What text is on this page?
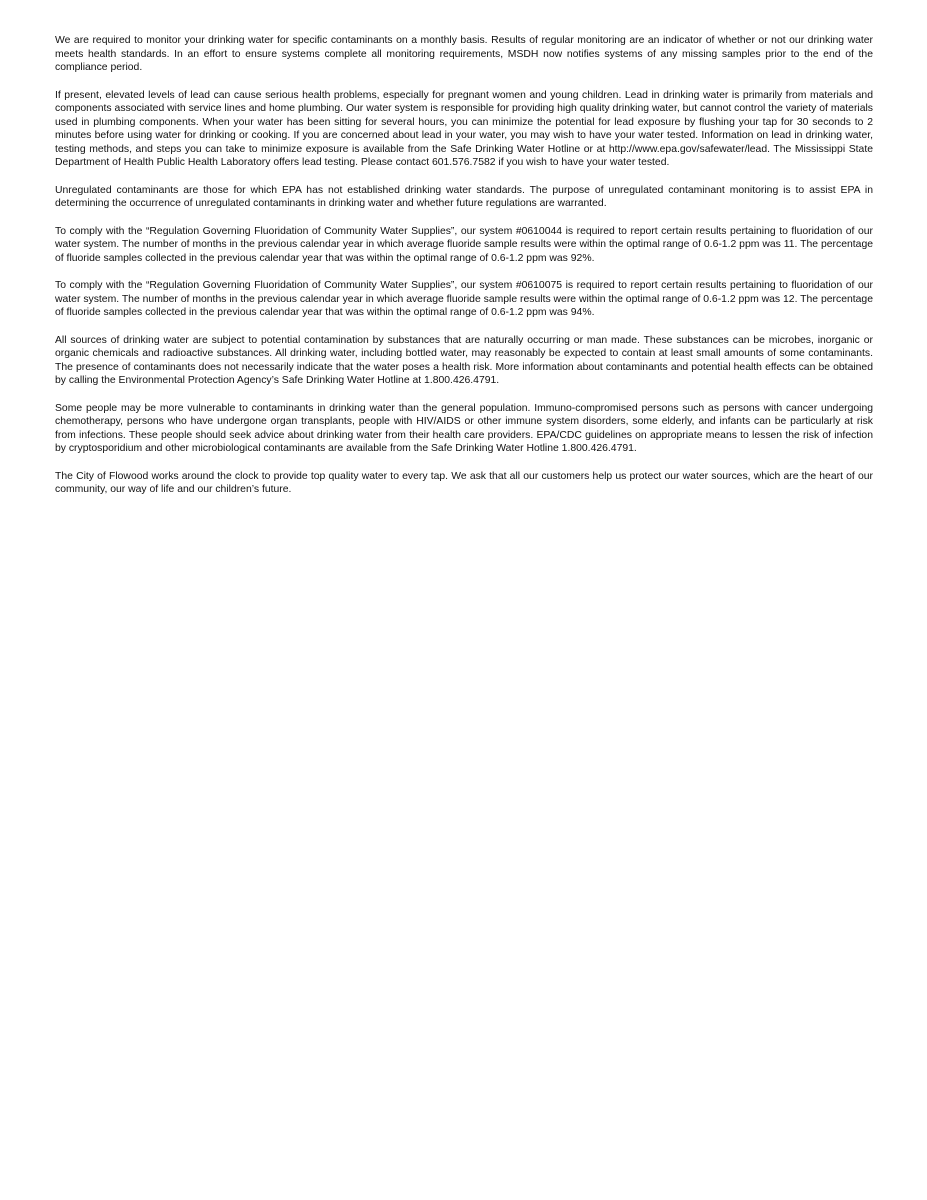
We are required to monitor your drinking water for specific contaminants on a monthly basis. Results of regular monitoring are an indicator of whether or not our drinking water meets health standards. In an effort to ensure systems complete all monitoring requirements, MSDH now notifies systems of any missing samples prior to the end of the compliance period.

If present, elevated levels of lead can cause serious health problems, especially for pregnant women and young children. Lead in drinking water is primarily from materials and components associated with service lines and home plumbing. Our water system is responsible for providing high quality drinking water, but cannot control the variety of materials used in plumbing components. When your water has been sitting for several hours, you can minimize the potential for lead exposure by flushing your tap for 30 seconds to 2 minutes before using water for drinking or cooking. If you are concerned about lead in your water, you may wish to have your water tested. Information on lead in drinking water, testing methods, and steps you can take to minimize exposure is available from the Safe Drinking Water Hotline or at http://www.epa.gov/safewater/lead. The Mississippi State Department of Health Public Health Laboratory offers lead testing. Please contact 601.576.7582 if you wish to have your water tested.

Unregulated contaminants are those for which EPA has not established drinking water standards. The purpose of unregulated contaminant monitoring is to assist EPA in determining the occurrence of unregulated contaminants in drinking water and whether future regulations are warranted.

To comply with the “Regulation Governing Fluoridation of Community Water Supplies”, our system #0610044 is required to report certain results pertaining to fluoridation of our water system. The number of months in the previous calendar year in which average fluoride sample results were within the optimal range of 0.6-1.2 ppm was 11. The percentage of fluoride samples collected in the previous calendar year that was within the optimal range of 0.6-1.2 ppm was 92%.

To comply with the “Regulation Governing Fluoridation of Community Water Supplies”, our system #0610075 is required to report certain results pertaining to fluoridation of our water system. The number of months in the previous calendar year in which average fluoride sample results were within the optimal range of 0.6-1.2 ppm was 12. The percentage of fluoride samples collected in the previous calendar year that was within the optimal range of 0.6-1.2 ppm was 94%.

All sources of drinking water are subject to potential contamination by substances that are naturally occurring or man made. These substances can be microbes, inorganic or organic chemicals and radioactive substances. All drinking water, including bottled water, may reasonably be expected to contain at least small amounts of some contaminants. The presence of contaminants does not necessarily indicate that the water poses a health risk. More information about contaminants and potential health effects can be obtained by calling the Environmental Protection Agency’s Safe Drinking Water Hotline at 1.800.426.4791.

Some people may be more vulnerable to contaminants in drinking water than the general population. Immuno-compromised persons such as persons with cancer undergoing chemotherapy, persons who have undergone organ transplants, people with HIV/AIDS or other immune system disorders, some elderly, and infants can be particularly at risk from infections. These people should seek advice about drinking water from their health care providers. EPA/CDC guidelines on appropriate means to lessen the risk of infection by cryptosporidium and other microbiological contaminants are available from the Safe Drinking Water Hotline 1.800.426.4791.

The City of Flowood works around the clock to provide top quality water to every tap. We ask that all our customers help us protect our water sources, which are the heart of our community, our way of life and our children’s future.
